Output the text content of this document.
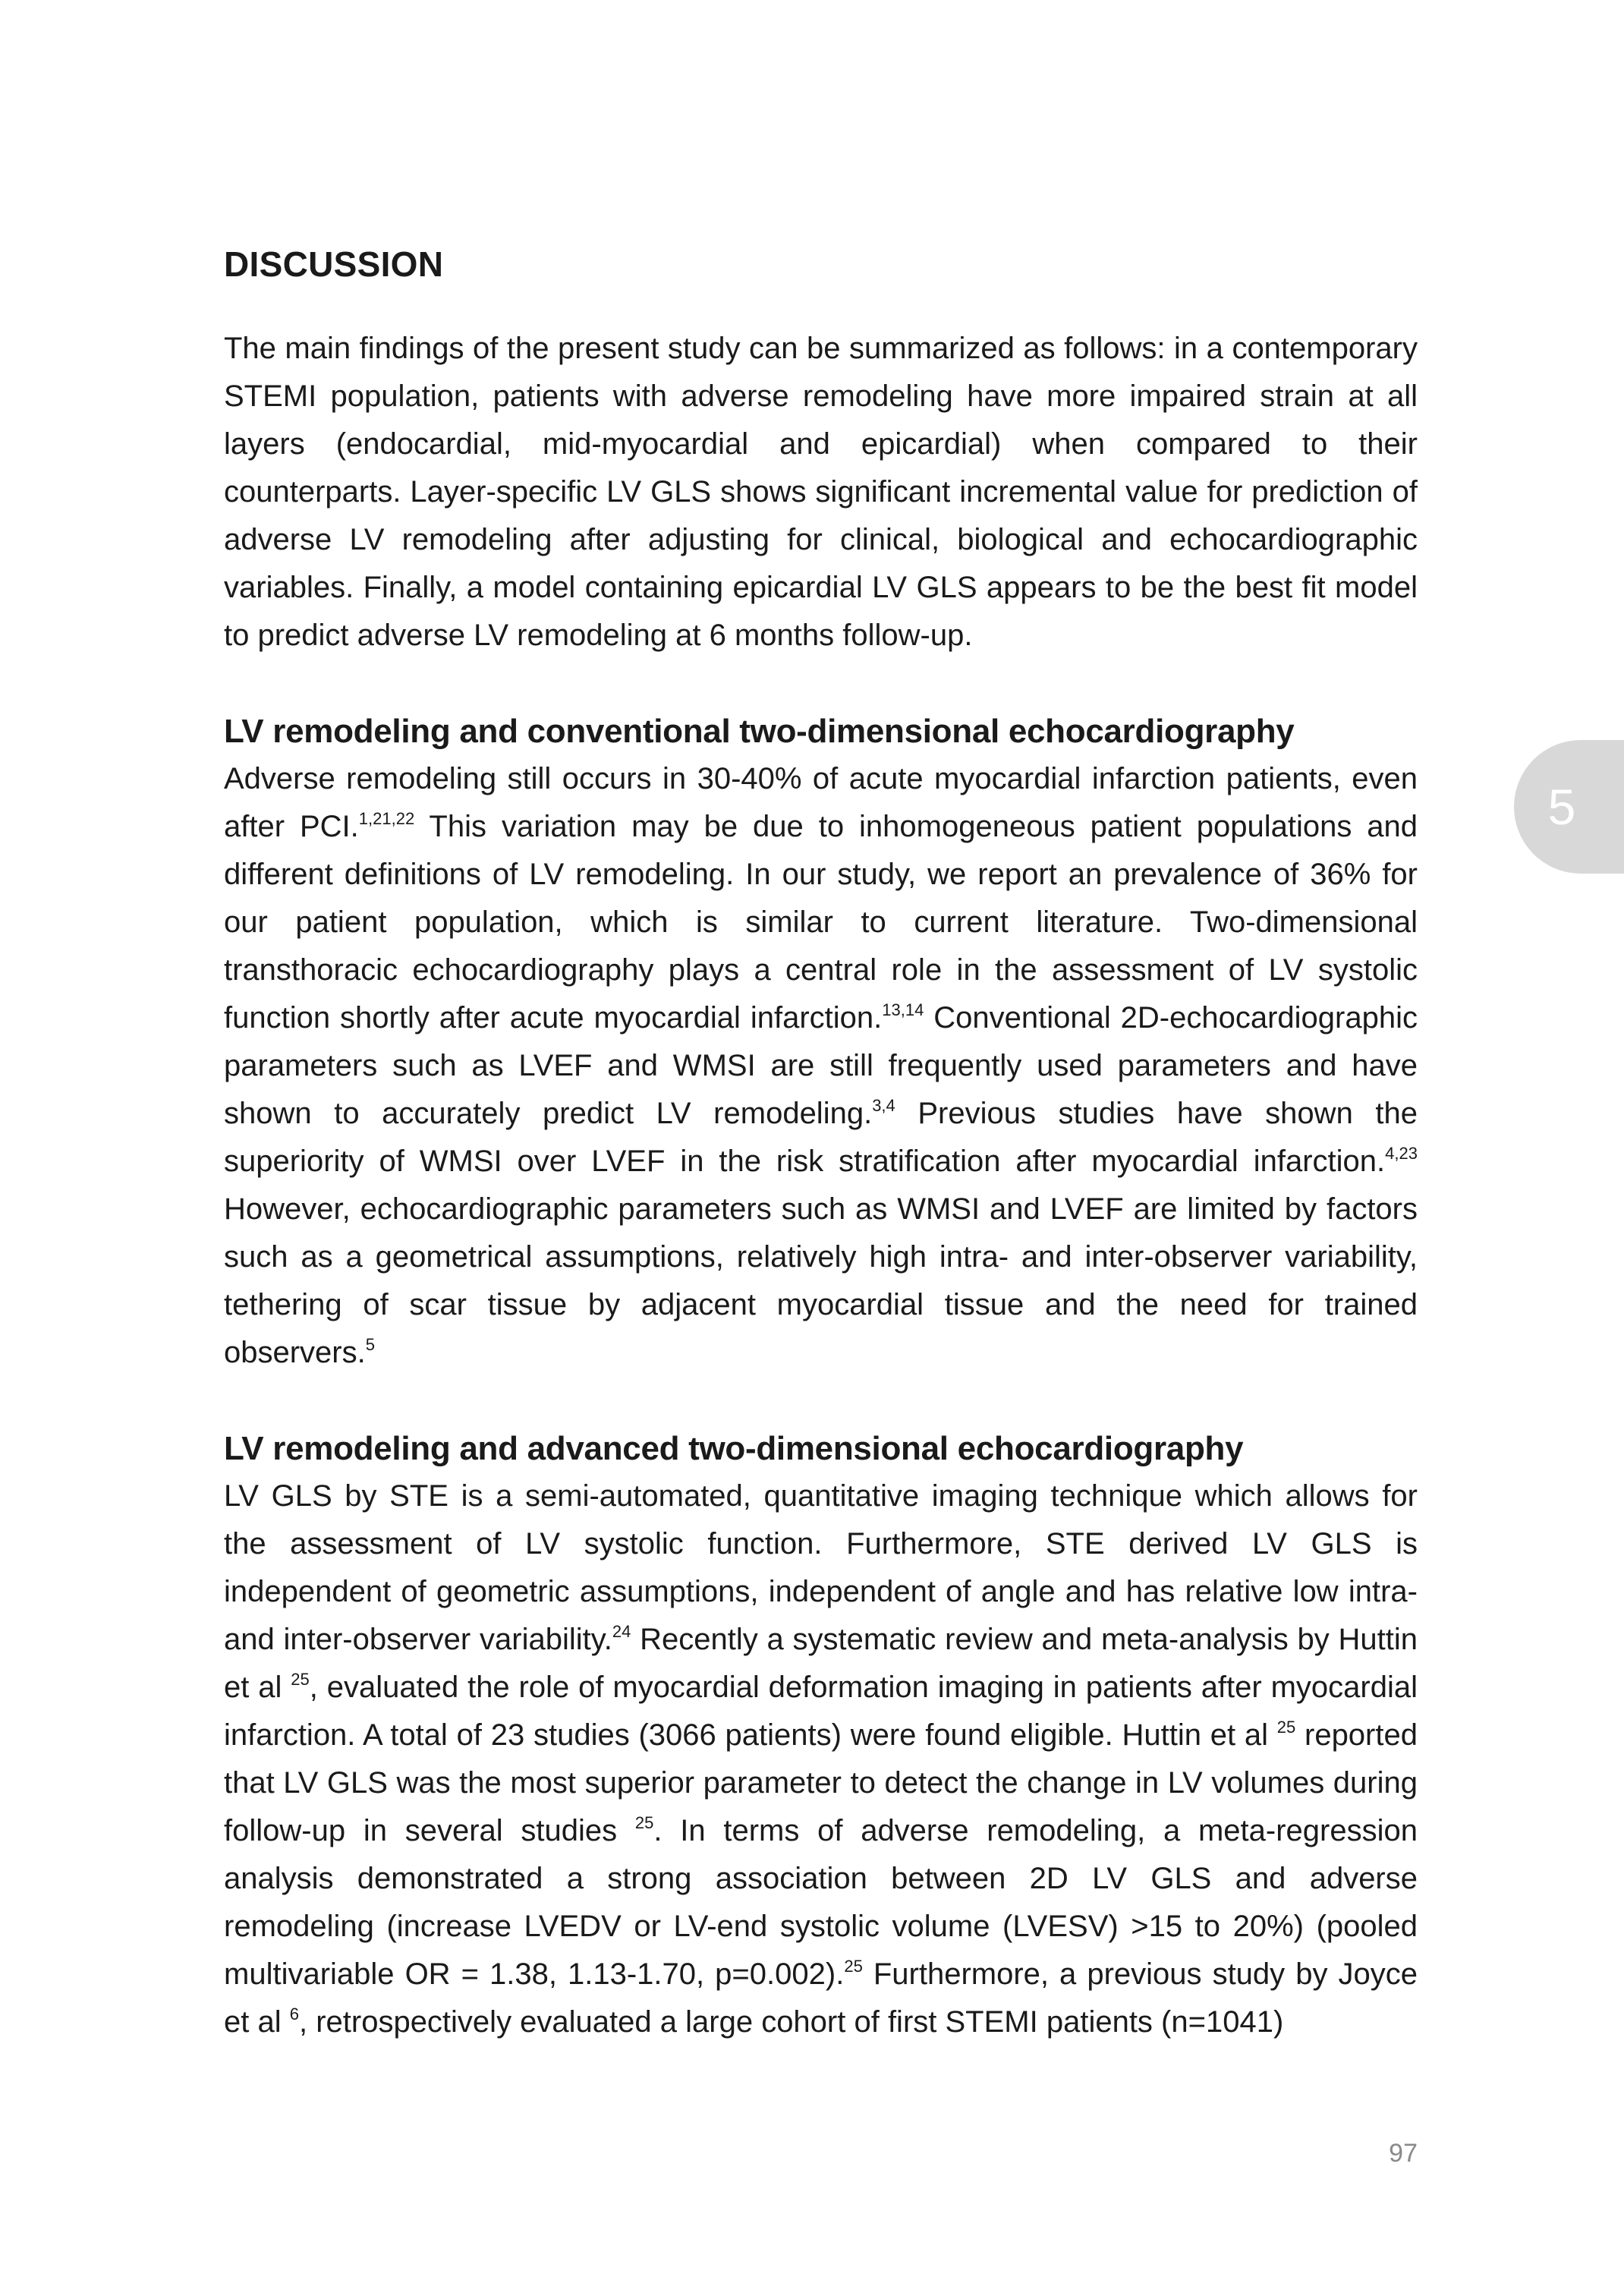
5
DISCUSSION

The main findings of the present study can be summarized as follows: in a contemporary STEMI population, patients with adverse remodeling have more impaired strain at all layers (endocardial, mid-myocardial and epicardial) when compared to their counterparts. Layer-specific LV GLS shows significant incremental value for prediction of adverse LV remodeling after adjusting for clinical, biological and echocardiographic variables. Finally, a model containing epicardial LV GLS appears to be the best fit model to predict adverse LV remodeling at 6 months follow-up.

LV remodeling and conventional two-dimensional echocardiography

Adverse remodeling still occurs in 30-40% of acute myocardial infarction patients, even after PCI.$^{1,21,22}$ This variation may be due to inhomogeneous patient populations and different definitions of LV remodeling. In our study, we report an prevalence of 36% for our patient population, which is similar to current literature. Two-dimensional transthoracic echocardiography plays a central role in the assessment of LV systolic function shortly after acute myocardial infarction.$^{13,14}$ Conventional 2D-echocardiographic parameters such as LVEF and WMSI are still frequently used parameters and have shown to accurately predict LV remodeling.$^{3,4}$ Previous studies have shown the superiority of WMSI over LVEF in the risk stratification after myocardial infarction.$^{4,23}$ However, echocardiographic parameters such as WMSI and LVEF are limited by factors such as a geometrical assumptions, relatively high intra- and inter-observer variability, tethering of scar tissue by adjacent myocardial tissue and the need for trained observers.$^5$

LV remodeling and advanced two-dimensional echocardiography

LV GLS by STE is a semi-automated, quantitative imaging technique which allows for the assessment of LV systolic function. Furthermore, STE derived LV GLS is independent of geometric assumptions, independent of angle and has relative low intra- and inter-observer variability.$^{24}$ Recently a systematic review and meta-analysis by Huttin et al $^{25}$, evaluated the role of myocardial deformation imaging in patients after myocardial infarction. A total of 23 studies (3066 patients) were found eligible. Huttin et al $^{25}$ reported that LV GLS was the most superior parameter to detect the change in LV volumes during follow-up in several studies $^{25}$. In terms of adverse remodeling, a meta-regression analysis demonstrated a strong association between 2D LV GLS and adverse remodeling (increase LVEDV or LV-end systolic volume (LVESV) >15 to 20%) (pooled multivariable OR = 1.38, 1.13-1.70, p=0.002).$^{25}$ Furthermore, a previous study by Joyce et al $^6$, retrospectively evaluated a large cohort of first STEMI patients (n=1041)

97
